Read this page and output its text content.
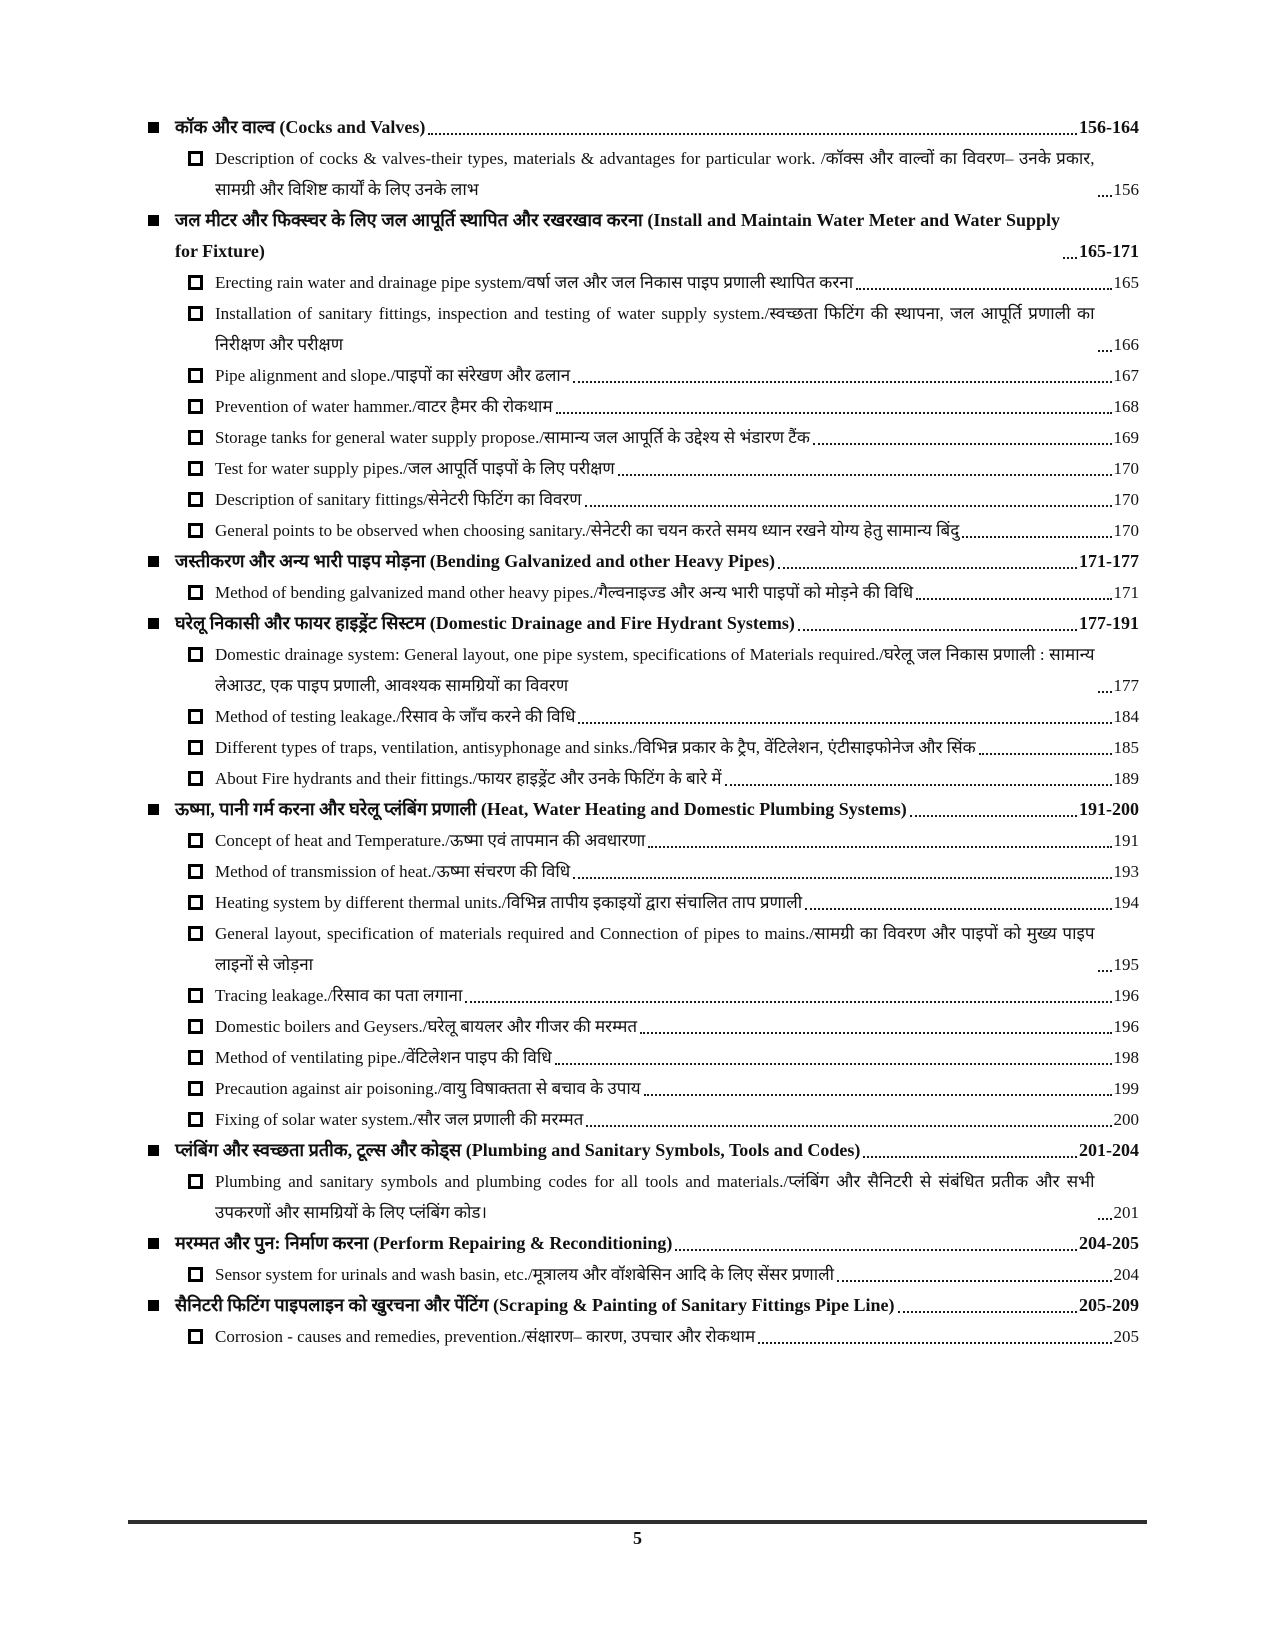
कॉक और वाल्व (Cocks and Valves)	156-164
Description of cocks & valves-their types, materials & advantages for particular work. /कॉक्स और वाल्वों का विवरण– उनके प्रकार, सामग्री और विशिष्ट कार्यों के लिए उनके लाभ	156
जल मीटर और फिक्स्चर के लिए जल आपूर्ति स्थापित और रखरखाव करना (Install and Maintain Water Meter and Water Supply for Fixture)	165-171
Erecting rain water and drainage pipe system/वर्षा जल और जल निकास पाइप प्रणाली स्थापित करना	165
Installation of sanitary fittings, inspection and testing of water supply system./स्वच्छता फिटिंग की स्थापना, जल आपूर्ति प्रणाली का निरीक्षण और परीक्षण	166
Pipe alignment and slope./पाइपों का संरेखण और ढलान	167
Prevention of water hammer./वाटर हैमर की रोकथाम	168
Storage tanks for general water supply propose./सामान्य जल आपूर्ति के उद्देश्य से भंडारण टैंक	169
Test for water supply pipes./जल आपूर्ति पाइपों के लिए परीक्षण	170
Description of sanitary fittings/सेनेटरी फिटिंग का विवरण	170
General points to be observed when choosing sanitary./सेनेटरी का चयन करते समय ध्यान रखने योग्य हेतु सामान्य बिंदु	170
जस्तीकरण और अन्य भारी पाइप मोड़ना (Bending Galvanized and other Heavy Pipes)	171-177
Method of bending galvanized mand other heavy pipes./गैल्वनाइज्ड और अन्य भारी पाइपों को मोड़ने की विधि	171
घरेलू निकासी और फायर हाइड्रेंट सिस्टम (Domestic Drainage and Fire Hydrant Systems)	177-191
Domestic drainage system: General layout, one pipe system, specifications of Materials required./घरेलू जल निकास प्रणाली : सामान्य लेआउट, एक पाइप प्रणाली, आवश्यक सामग्रियों का विवरण	177
Method of testing leakage./रिसाव के जाँच करने की विधि	184
Different types of traps, ventilation, antisyphonage and sinks./विभिन्न प्रकार के ट्रैप, वेंटिलेशन, एंटीसाइफोनेज और सिंक	185
About Fire hydrants and their fittings./फायर हाइड्रेंट और उनके फिटिंग के बारे में	189
ऊष्मा, पानी गर्म करना और घरेलू प्लंबिंग प्रणाली (Heat, Water Heating and Domestic Plumbing Systems)	191-200
Concept of heat and Temperature./ऊष्मा एवं तापमान की अवधारणा	191
Method of transmission of heat./ऊष्मा संचरण की विधि	193
Heating system by different thermal units./विभिन्न तापीय इकाइयों द्वारा संचालित ताप प्रणाली	194
General layout, specification of materials required and Connection of pipes to mains./सामग्री का विवरण और पाइपों को मुख्य पाइप लाइनों से जोड़ना	195
Tracing leakage./रिसाव का पता लगाना	196
Domestic boilers and Geysers./घरेलू बायलर और गीजर की मरम्मत	196
Method of ventilating pipe./वेंटिलेशन पाइप की विधि	198
Precaution against air poisoning./वायु विषाक्तता से बचाव के उपाय	199
Fixing of solar water system./सौर जल प्रणाली की मरम्मत	200
प्लंबिंग और स्वच्छता प्रतीक, टूल्स और कोड्स (Plumbing and Sanitary Symbols, Tools and Codes)	201-204
Plumbing and sanitary symbols and plumbing codes for all tools and materials./प्लंबिंग और सैनिटरी से संबंधित प्रतीक और सभी उपकरणों और सामग्रियों के लिए प्लंबिंग कोड।	201
मरम्मत और पुन: निर्माण करना (Perform Repairing & Reconditioning)	204-205
Sensor system for urinals and wash basin, etc./मूत्रालय और वॉशबेसिन आदि के लिए सेंसर प्रणाली	204
सैनिटरी फिटिंग पाइपलाइन को खुरचना और पेंटिंग (Scraping & Painting of Sanitary Fittings Pipe Line)	205-209
Corrosion - causes and remedies, prevention./संक्षारण– कारण, उपचार और रोकथाम	205
5
